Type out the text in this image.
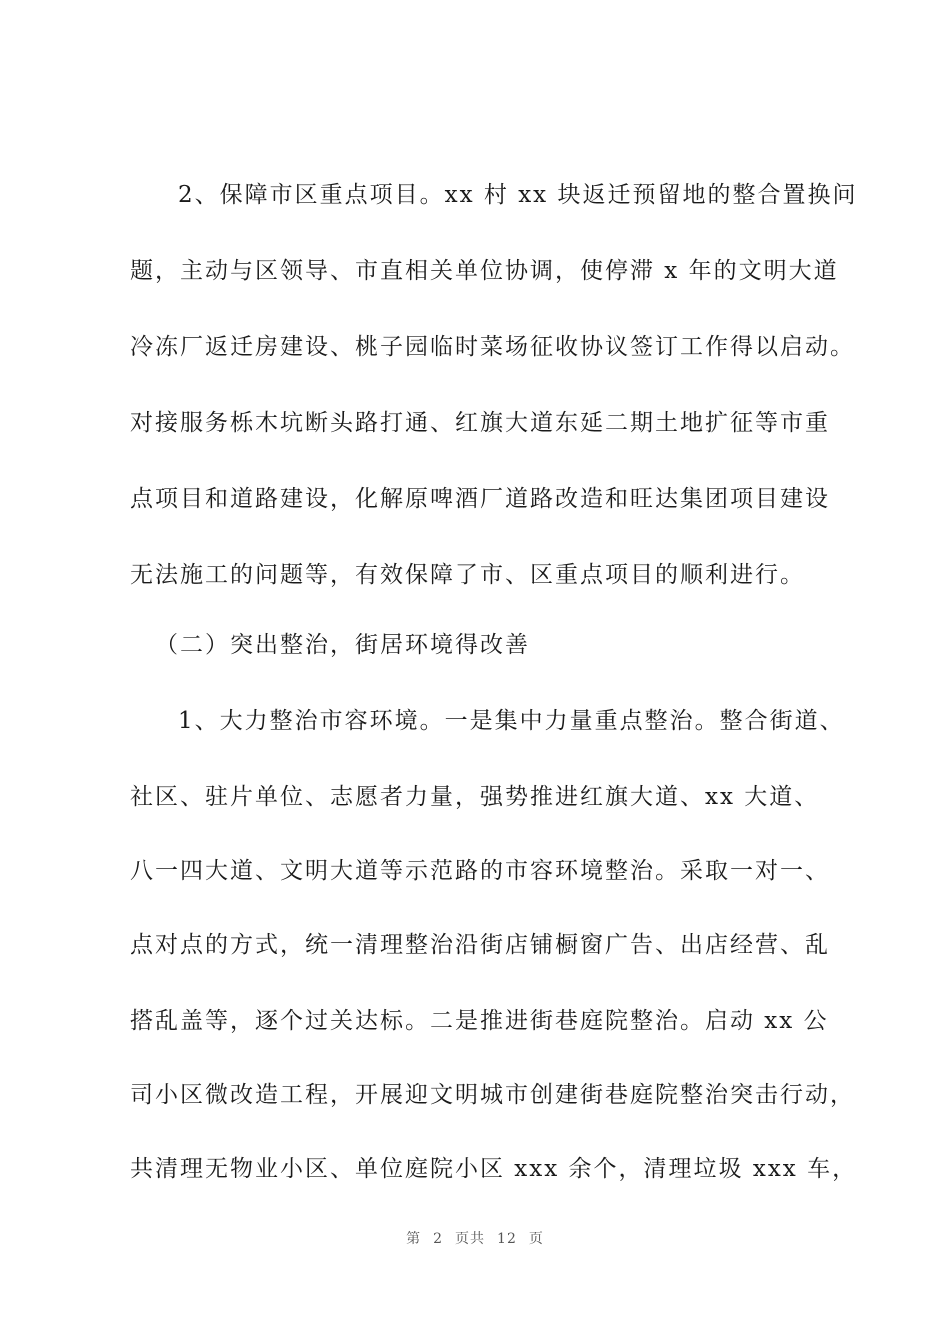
2、保障市区重点项目。xx 村 xx 块返迁预留地的整合置换问
题，主动与区领导、市直相关单位协调，使停滞 x 年的文明大道
冷冻厂返迁房建设、桃子园临时菜场征收协议签订工作得以启动。
对接服务栎木坑断头路打通、红旗大道东延二期土地扩征等市重
点项目和道路建设，化解原啤酒厂道路改造和旺达集团项目建设
无法施工的问题等，有效保障了市、区重点项目的顺利进行。
（二）突出整治，街居环境得改善
1、大力整治市容环境。一是集中力量重点整治。整合街道、
社区、驻片单位、志愿者力量，强势推进红旗大道、xx 大道、
八一四大道、文明大道等示范路的市容环境整治。采取一对一、
点对点的方式，统一清理整治沿街店铺橱窗广告、出店经营、乱
搭乱盖等，逐个过关达标。二是推进街巷庭院整治。启动 xx 公
司小区微改造工程，开展迎文明城市创建街巷庭院整治突击行动，
共清理无物业小区、单位庭院小区 xxx 余个，清理垃圾 xxx 车，
第 2 页共 12 页
